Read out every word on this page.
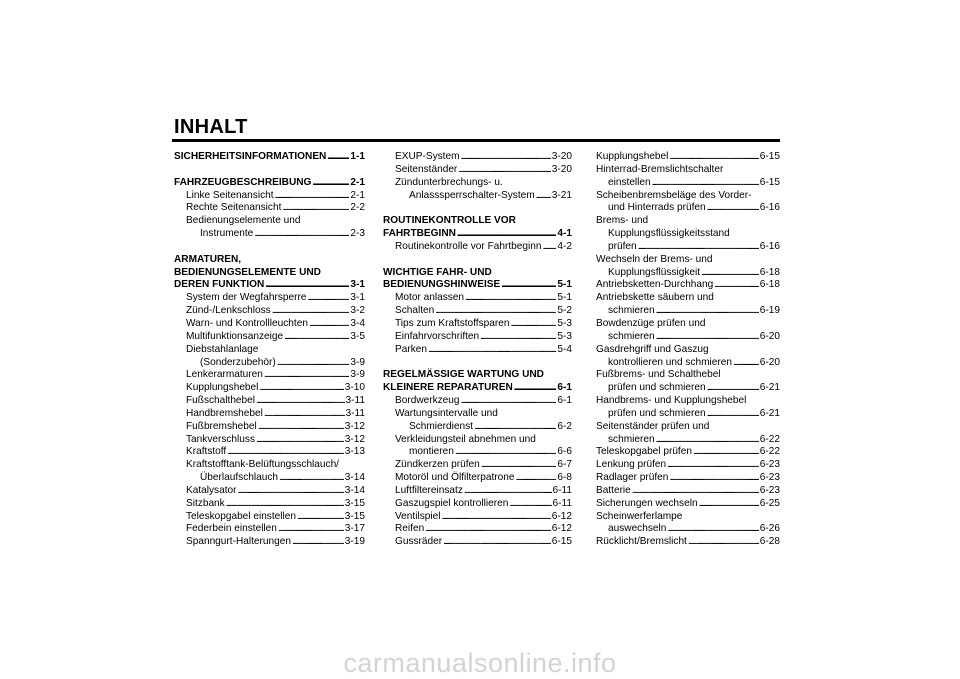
INHALT
SICHERHEITSINFORMATIONEN . . . 1-1
FAHRZEUGBESCHREIBUNG . . .	2-1
Linke Seitenansicht . . .	2-1
Rechte Seitenansicht . . .	2-2
Bedienungselemente und
Instrumente . . .	2-3
ARMATUREN,
BEDIENUNGSELEMENTE UND
DEREN FUNKTION . . .	3-1
System der Wegfahrsperre . . .	3-1
Zünd-/Lenkschloss . . .	3-2
Warn- und Kontrollleuchten . . .	3-4
Multifunktionsanzeige . . .	3-5
Diebstahlanlage
(Sonderzubehör) . . .	3-9
Lenkerarmaturen . . .	3-9
Kupplungshebel . . .	3-10
Fußschalthebel . . .	3-11
Handbremshebel . . .	3-11
Fußbremshebel . . .	3-12
Tankverschluss . . .	3-12
Kraftstoff . . .	3-13
Kraftstofftank-Belüftungsschlauch/
Überlaufschlauch . . .	3-14
Katalysator . . .	3-14
Sitzbank . . .	3-15
Teleskopgabel einstellen . . .	3-15
Federbein einstellen . . .	3-17
Spanngurt-Halterungen . . .	3-19
EXUP-System . . .	3-20
Seitenständer . . .	3-20
Zündunterbrechungs- u.
Anlasssperrschalter-System . . . 3-21
ROUTINEKONTROLLE VOR
FAHRTBEGINN . . .	4-1
Routinekontrolle vor Fahrtbeginn . . . 4-2
WICHTIGE FAHR- UND
BEDIENUNGSHINWEISE . . .	5-1
Motor anlassen . . .	5-1
Schalten . . .	5-2
Tips zum Kraftstoffsparen . . .	5-3
Einfahrvorschriften . . .	5-3
Parken . . .	5-4
REGELMÄSSIGE WARTUNG UND
KLEINERE REPARATUREN . . .	6-1
Bordwerkzeug . . .	6-1
Wartungsintervalle und
Schmierdienst . . .	6-2
Verkleidungsteil abnehmen und
montieren . . .	6-6
Zündkerzen prüfen . . .	6-7
Motoröl und Ölfilterpatrone . . .	6-8
Luftfiltereinsatz . . .	6-11
Gaszugspiel kontrollieren . . .	6-11
Ventilspiel . . .	6-12
Reifen . . .	6-12
Gussräder . . .	6-15
Kupplungshebel . . .	6-15
Hinterrad-Bremslichtschalter
einstellen . . .	6-15
Scheibenbremsbeläge des Vorder-
und Hinterrads prüfen . . .	6-16
Brems- und
Kupplungsflüssigkeitsstand
prüfen . . .	6-16
Wechseln der Brems- und
Kupplungsflüssigkeit . . .	6-18
Antriebsketten-Durchhang . . .	6-18
Antriebskette säubern und
schmieren . . .	6-19
Bowdenzüge prüfen und
schmieren . . .	6-20
Gasdrehgriff und Gaszug
kontrollieren und schmieren . . .	6-20
Fußbrems- und Schalthebel
prüfen und schmieren . . .	6-21
Handbrems- und Kupplungshebel
prüfen und schmieren . . .	6-21
Seitenständer prüfen und
schmieren . . .	6-22
Teleskopgabel prüfen . . .	6-22
Lenkung prüfen . . .	6-23
Radlager prüfen . . .	6-23
Batterie . . .	6-23
Sicherungen wechseln . . .	6-25
Scheinwerferlampe
auswechseln . . .	6-26
Rücklicht/Bremslicht . . .	6-28
carmanualsonline.info
